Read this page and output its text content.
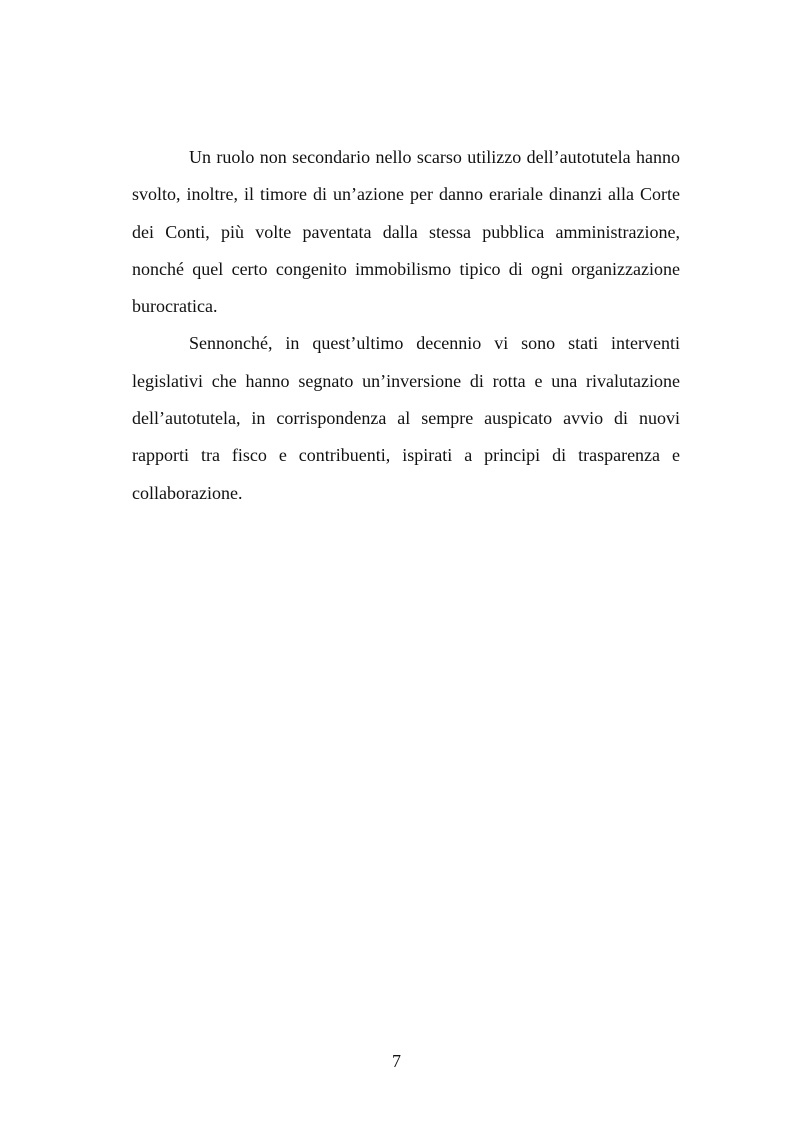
Un ruolo non secondario nello scarso utilizzo dell’autotutela hanno svolto, inoltre, il timore di un’azione per danno erariale dinanzi alla Corte dei Conti, più volte paventata dalla stessa pubblica amministrazione, nonché quel certo congenito immobilismo tipico di ogni organizzazione burocratica.

Sennonché, in quest’ultimo decennio vi sono stati interventi legislativi che hanno segnato un’inversione di rotta e una rivalutazione dell’autotutela, in corrispondenza al sempre auspicato avvio di nuovi rapporti tra fisco e contribuenti, ispirati a principi di trasparenza e collaborazione.

7
